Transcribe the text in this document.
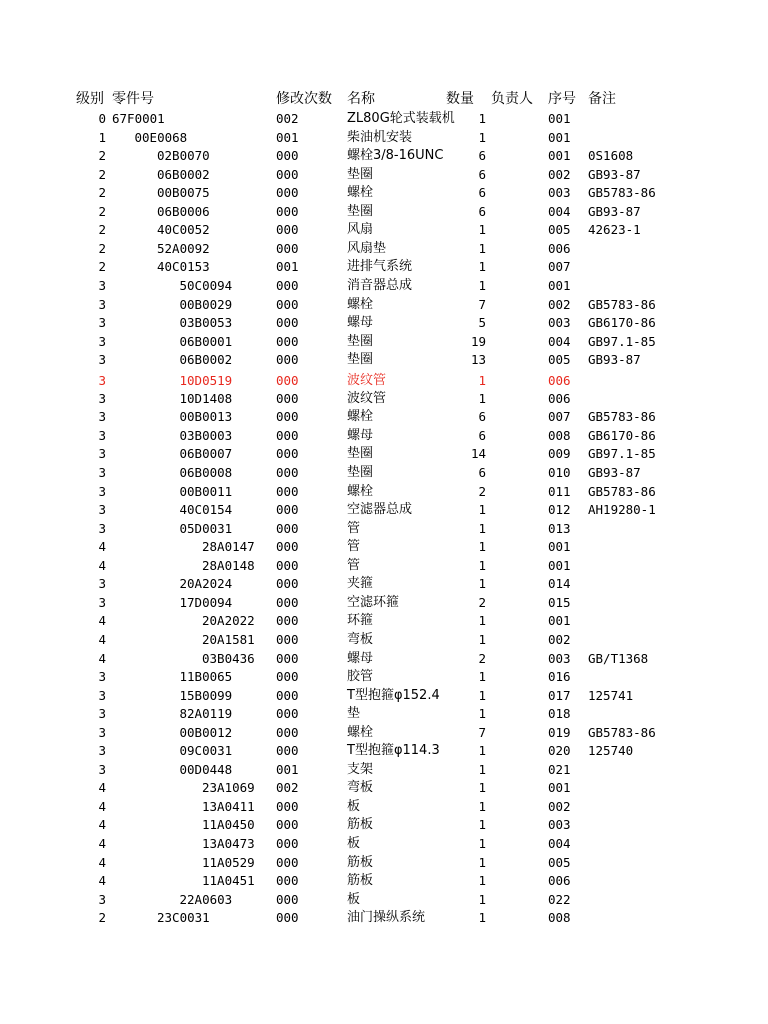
级别 零件号	修改次数	名称	数量	负责人	序号 备注
0 67F0001	002	ZL80G轮式装载机	1	001
1 00E0068	001	柴油机安装	1	001
2	02B0070	000	螺栓3/8-16UNC	6	001	0S1608
2	06B0002	000	垫圈	6	002	GB93-87
2	00B0075	000	螺栓	6	003	GB5783-86
2	06B0006	000	垫圈	6	004	GB93-87
2	40C0052	000	风扇	1	005	42623-1
2	52A0092	000	风扇垫	1	006
2	40C0153	001	进排气系统	1	007
3	50C0094	000	消音器总成	1	001
3	00B0029	000	螺栓	7	002	GB5783-86
3	03B0053	000	螺母	5	003	GB6170-86
3	06B0001	000	垫圈	19	004	GB97.1-85
3	06B0002	000	垫圈	13	005	GB93-87
3	10D0519	000	波纹管	1	006
3	10D1408	000	波纹管	1	006
3	00B0013	000	螺栓	6	007	GB5783-86
3	03B0003	000	螺母	6	008	GB6170-86
3	06B0007	000	垫圈	14	009	GB97.1-85
3	06B0008	000	垫圈	6	010	GB93-87
3	00B0011	000	螺栓	2	011	GB5783-86
3	40C0154	000	空滤器总成	1	012	AH19280-1
3	05D0031	000	管	1	013
4	28A0147	000	管	1	001
4	28A0148	000	管	1	001
3	20A2024	000	夹箍	1	014
3	17D0094	000	空滤环箍	2	015
4	20A2022	000	环箍	1	001
4	20A1581	000	弯板	1	002
4	03B0436	000	螺母	2	003	GB/T1368
3	11B0065	000	胶管	1	016
3	15B0099	000	T型抱箍φ152.4	1	017	125741
3	82A0119	000	垫	1	018
3	00B0012	000	螺栓	7	019	GB5783-86
3	09C0031	000	T型抱箍φ114.3	1	020	125740
3	00D0448	001	支架	1	021
4	23A1069	002	弯板	1	001
4	13A0411	000	板	1	002
4	11A0450	000	筋板	1	003
4	13A0473	000	板	1	004
4	11A0529	000	筋板	1	005
4	11A0451	000	筋板	1	006
3	22A0603	000	板	1	022
2	23C0031	000	油门操纵系统	1	008
